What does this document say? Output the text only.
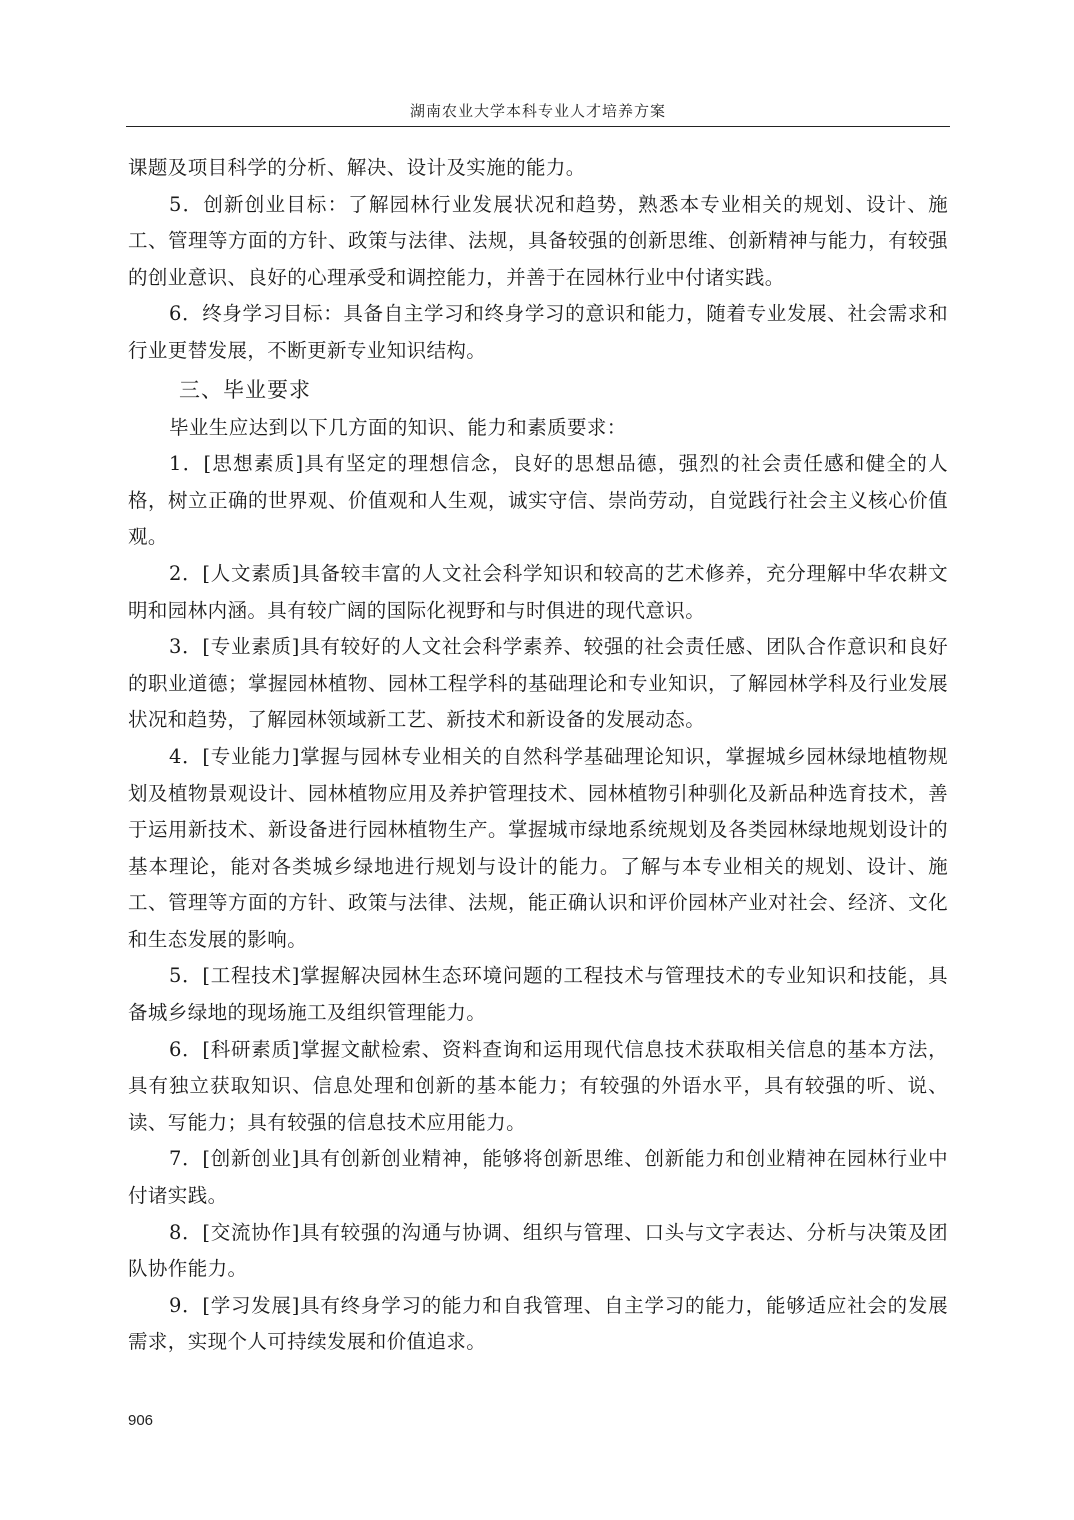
湖南农业大学本科专业人才培养方案

课题及项目科学的分析、解决、设计及实施的能力。

5．创新创业目标：了解园林行业发展状况和趋势，熟悉本专业相关的规划、设计、施工、管理等方面的方针、政策与法律、法规，具备较强的创新思维、创新精神与能力，有较强的创业意识、良好的心理承受和调控能力，并善于在园林行业中付诸实践。

6．终身学习目标：具备自主学习和终身学习的意识和能力，随着专业发展、社会需求和行业更替发展，不断更新专业知识结构。

三、毕业要求

毕业生应达到以下几方面的知识、能力和素质要求：

1．[思想素质]具有坚定的理想信念，良好的思想品德，强烈的社会责任感和健全的人格，树立正确的世界观、价值观和人生观，诚实守信、崇尚劳动，自觉践行社会主义核心价值观。

2．[人文素质]具备较丰富的人文社会科学知识和较高的艺术修养，充分理解中华农耕文明和园林内涵。具有较广阔的国际化视野和与时俱进的现代意识。

3．[专业素质]具有较好的人文社会科学素养、较强的社会责任感、团队合作意识和良好的职业道德；掌握园林植物、园林工程学科的基础理论和专业知识，了解园林学科及行业发展状况和趋势，了解园林领域新工艺、新技术和新设备的发展动态。

4．[专业能力]掌握与园林专业相关的自然科学基础理论知识，掌握城乡园林绿地植物规划及植物景观设计、园林植物应用及养护管理技术、园林植物引种驯化及新品种选育技术，善于运用新技术、新设备进行园林植物生产。掌握城市绿地系统规划及各类园林绿地规划设计的基本理论，能对各类城乡绿地进行规划与设计的能力。了解与本专业相关的规划、设计、施工、管理等方面的方针、政策与法律、法规，能正确认识和评价园林产业对社会、经济、文化和生态发展的影响。

5．[工程技术]掌握解决园林生态环境问题的工程技术与管理技术的专业知识和技能，具备城乡绿地的现场施工及组织管理能力。

6．[科研素质]掌握文献检索、资料查询和运用现代信息技术获取相关信息的基本方法，具有独立获取知识、信息处理和创新的基本能力；有较强的外语水平，具有较强的听、说、读、写能力；具有较强的信息技术应用能力。

7．[创新创业]具有创新创业精神，能够将创新思维、创新能力和创业精神在园林行业中付诸实践。

8．[交流协作]具有较强的沟通与协调、组织与管理、口头与文字表达、分析与决策及团队协作能力。

9．[学习发展]具有终身学习的能力和自我管理、自主学习的能力，能够适应社会的发展需求，实现个人可持续发展和价值追求。

906
